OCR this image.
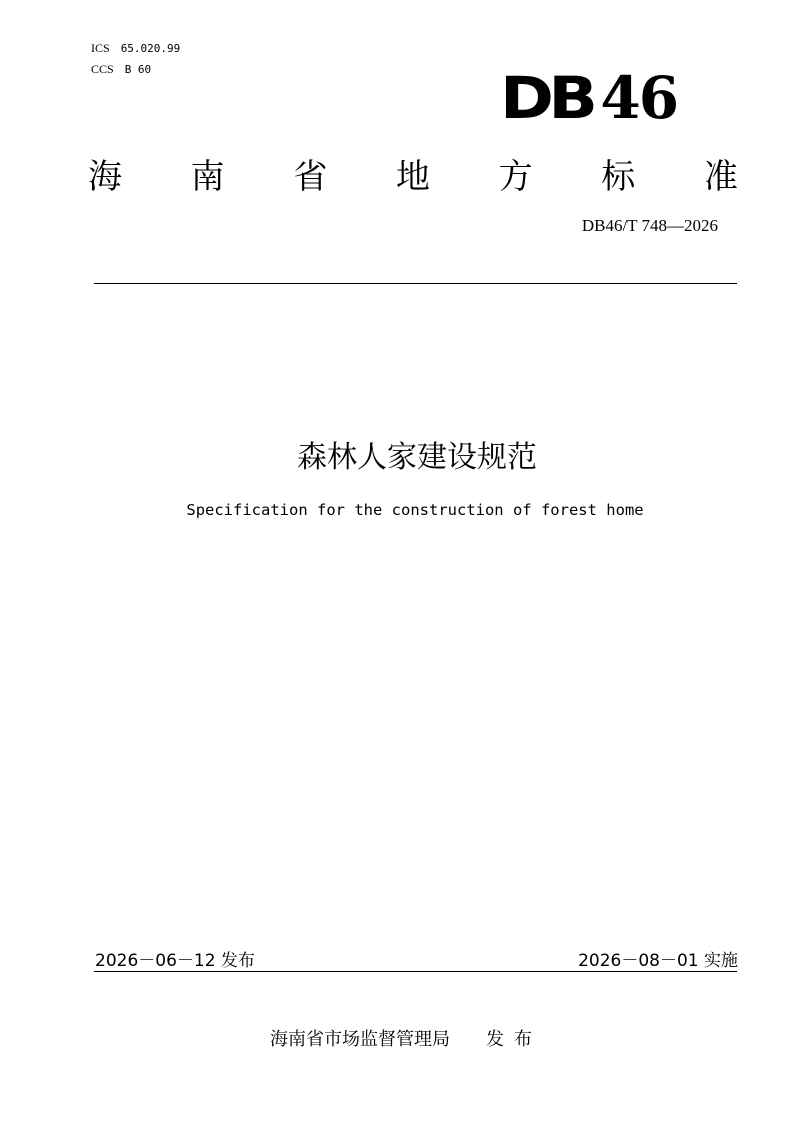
ICS 65.020.99
CCS B 60	DB 46
海 南 省 地 方 标 准
DB46/T 748—2026
森林人家建设规范
Specification for the construction of forest home
2026－06－12 发布	2026－08－01 实施
海南省市场监督管理局 发布
